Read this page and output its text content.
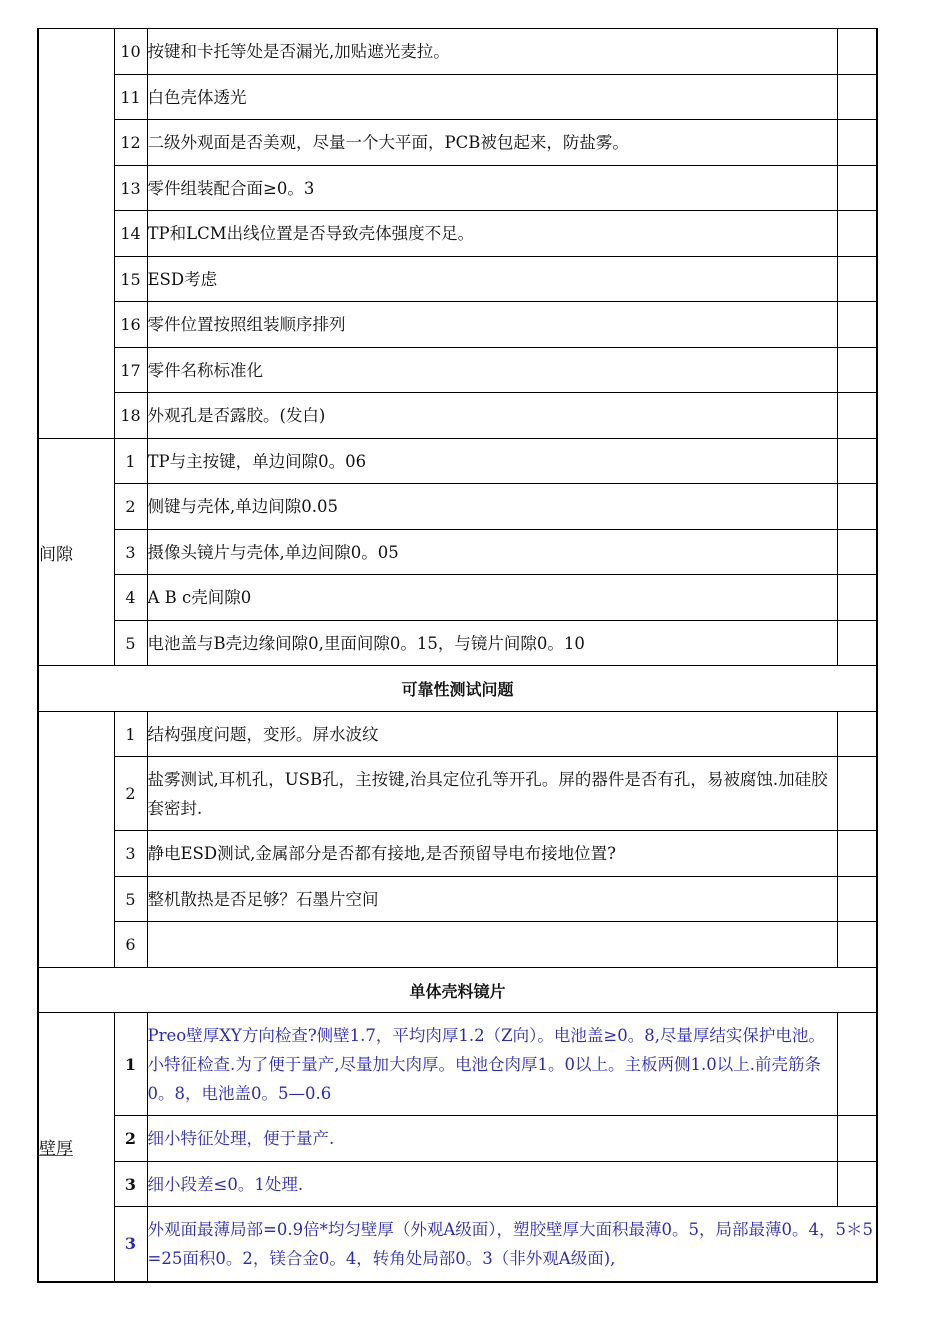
	10	按键和卡托等处是否漏光,加贴遮光麦拉。	
	11	白色壳体透光	
	12	二级外观面是否美观，尽量一个大平面，PCB被包起来，防盐雾。	
	13	零件组装配合面≥0。3	
	14	TP和LCM出线位置是否导致壳体强度不足。	
	15	ESD考虑	
	16	零件位置按照组装顺序排列	
	17	零件名称标准化	
	18	外观孔是否露胶。(发白)	
间隙	1	TP与主按键，单边间隙0。06	
	2	侧键与壳体,单边间隙0.05	
	3	摄像头镜片与壳体,单边间隙0。05	
	4	A B c壳间隙0	
	5	电池盖与B壳边缘间隙0,里面间隙0。15，与镜片间隙0。10	
可靠性测试问题			
	1	结构强度问题，变形。屏水波纹	
	2	盐雾测试,耳机孔，USB孔，主按键,治具定位孔等开孔。屏的器件是否有孔，易被腐蚀.加硅胶套密封.	
	3	静电ESD测试,金属部分是否都有接地,是否预留导电布接地位置?	
	5	整机散热是否足够？石墨片空间	
	6		
单体壳料镜片			
壁厚	1	Preo壁厚XY方向检查?侧壁1.7，平均肉厚1.2（Z向）。电池盖≥0。8,尽量厚结实保护电池。小特征检查.为了便于量产,尽量加大肉厚。电池仓肉厚1。0以上。主板两侧1.0以上.前壳筋条0。8，电池盖0。5—0.6	
	2	细小特征处理，便于量产.	
	3	细小段差≤0。1处理.	
	3	外观面最薄局部=0.9倍*均匀壁厚（外观A级面），塑胶壁厚大面积最薄0。5，局部最薄0。4，5＊5=25面积0。2，镁合金0。4，转角处局部0。3（非外观A级面),	
